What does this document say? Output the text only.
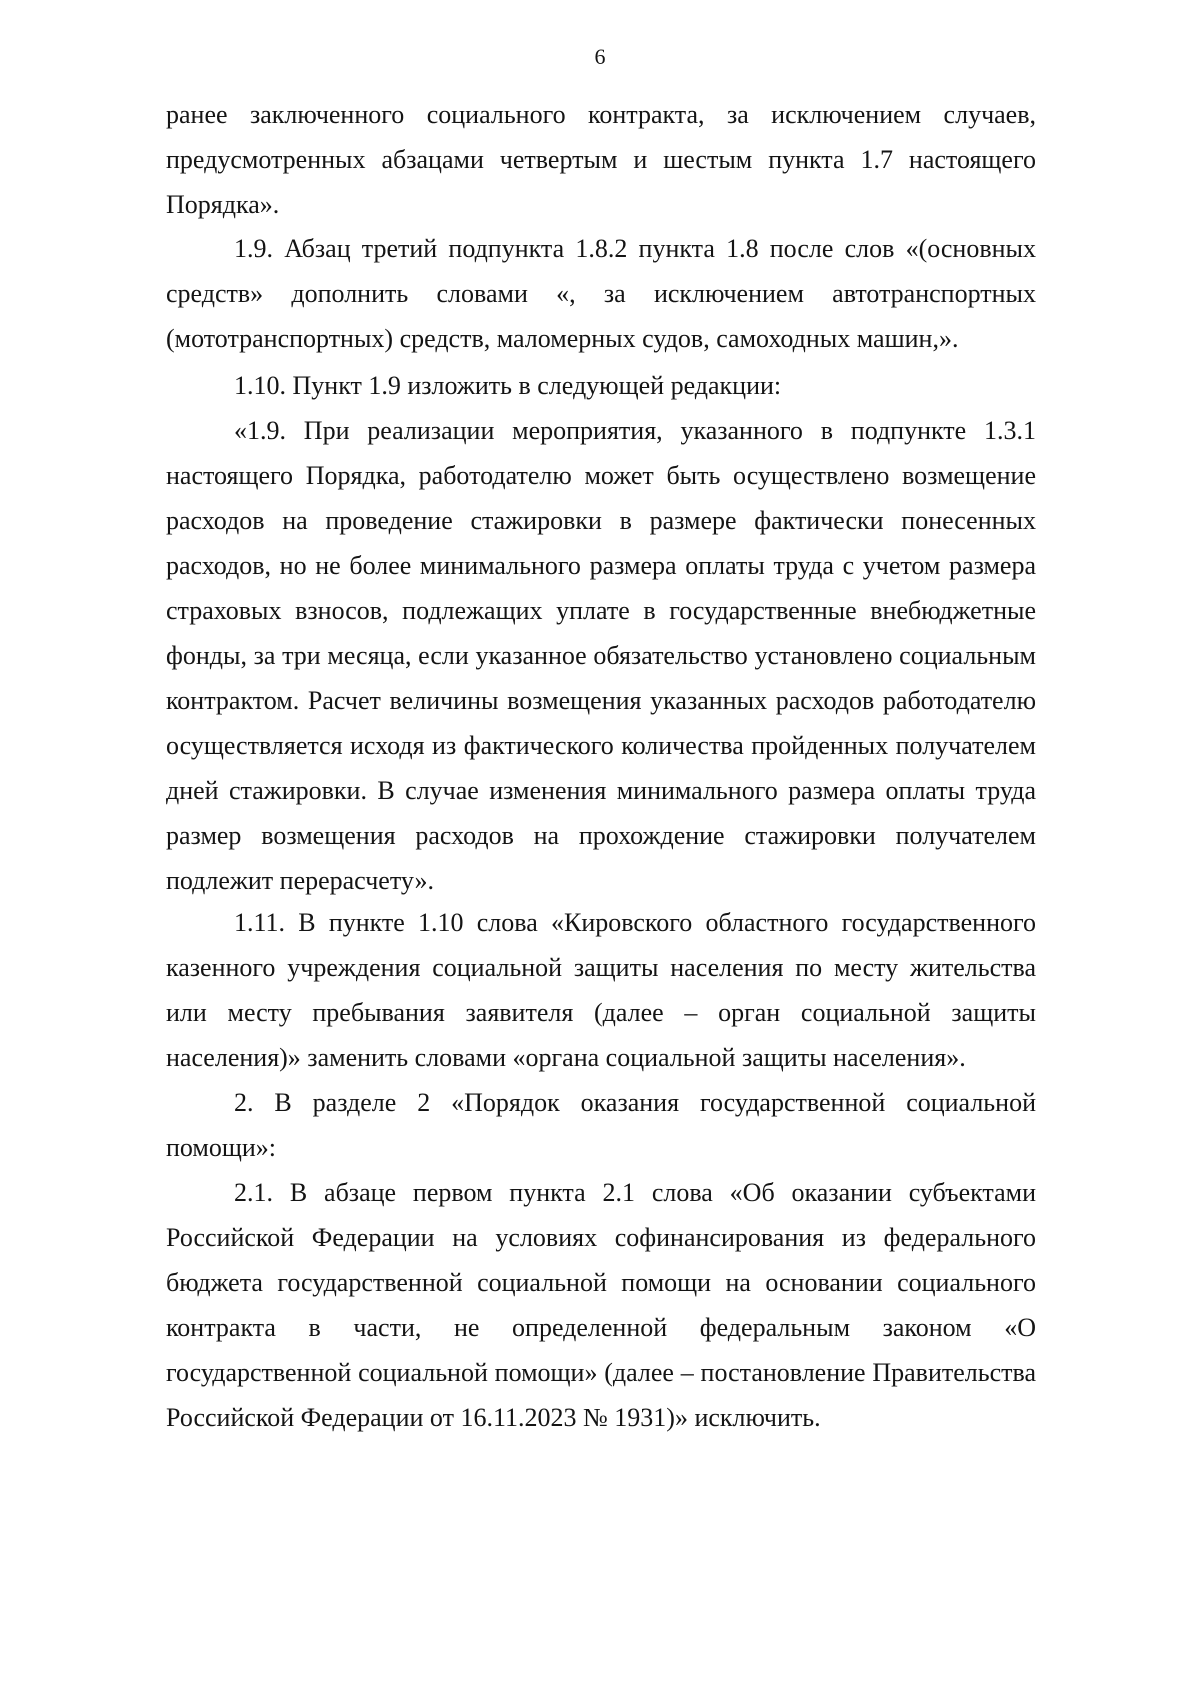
6

ранее заключенного социального контракта, за исключением случаев, предусмотренных абзацами четвертым и шестым пункта 1.7 настоящего Порядка».

1.9. Абзац третий подпункта 1.8.2 пункта 1.8 после слов «(основных средств» дополнить словами «, за исключением автотранспортных (мототранспортных) средств, маломерных судов, самоходных машин,».

1.10. Пункт 1.9 изложить в следующей редакции:

«1.9. При реализации мероприятия, указанного в подпункте 1.3.1 настоящего Порядка, работодателю может быть осуществлено возмещение расходов на проведение стажировки в размере фактически понесенных расходов, но не более минимального размера оплаты труда с учетом размера страховых взносов, подлежащих уплате в государственные внебюджетные фонды, за три месяца, если указанное обязательство установлено социальным контрактом. Расчет величины возмещения указанных расходов работодателю осуществляется исходя из фактического количества пройденных получателем дней стажировки. В случае изменения минимального размера оплаты труда размер возмещения расходов на прохождение стажировки получателем подлежит перерасчету».

1.11. В пункте 1.10 слова «Кировского областного государственного казенного учреждения социальной защиты населения по месту жительства или месту пребывания заявителя (далее – орган социальной защиты населения)» заменить словами «органа социальной защиты населения».

2. В разделе 2 «Порядок оказания государственной социальной помощи»:

2.1. В абзаце первом пункта 2.1 слова «Об оказании субъектами Российской Федерации на условиях софинансирования из федерального бюджета государственной социальной помощи на основании социального контракта в части, не определенной федеральным законом «О государственной социальной помощи» (далее – постановление Правительства Российской Федерации от 16.11.2023 № 1931)» исключить.
